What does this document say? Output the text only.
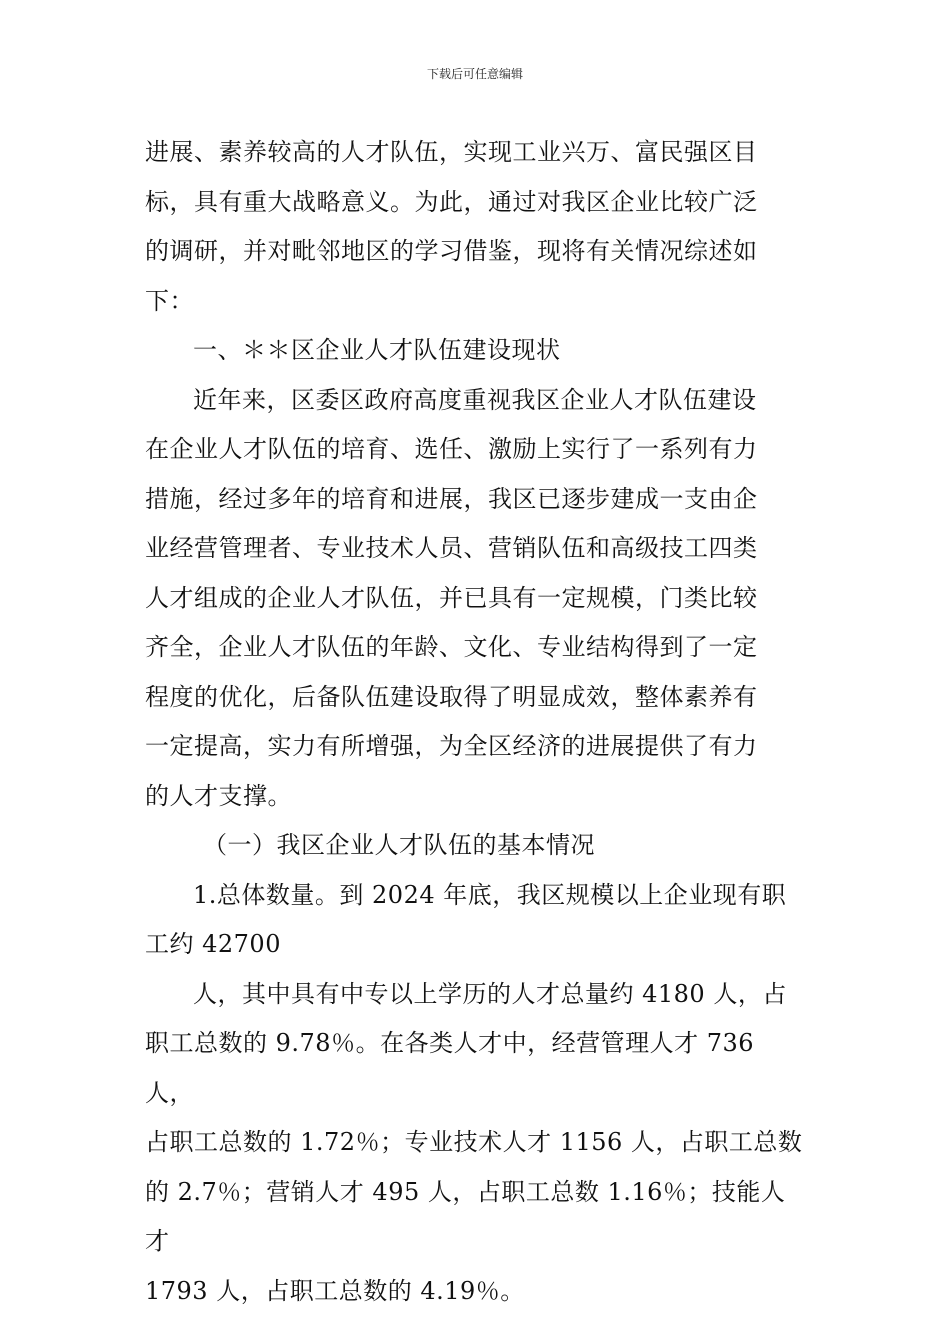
下载后可任意编辑

进展、素养较高的人才队伍，实现工业兴万、富民强区目
标，具有重大战略意义。为此，通过对我区企业比较广泛
的调研，并对毗邻地区的学习借鉴，现将有关情况综述如
下：

一、＊＊区企业人才队伍建设现状

近年来，区委区政府高度重视我区企业人才队伍建设
在企业人才队伍的培育、选任、激励上实行了一系列有力
措施，经过多年的培育和进展，我区已逐步建成一支由企
业经营管理者、专业技术人员、营销队伍和高级技工四类
人才组成的企业人才队伍，并已具有一定规模，门类比较
齐全，企业人才队伍的年龄、文化、专业结构得到了一定
程度的优化，后备队伍建设取得了明显成效，整体素养有
一定提高，实力有所增强，为全区经济的进展提供了有力
的人才支撑。

（一）我区企业人才队伍的基本情况

1.总体数量。到 2024 年底，我区规模以上企业现有职
工约 42700

人，其中具有中专以上学历的人才总量约 4180 人，占
职工总数的 9.78％。在各类人才中，经营管理人才 736 人，
占职工总数的 1.72％；专业技术人才 1156 人，占职工总数
的 2.7％；营销人才 495 人，占职工总数 1.16％；技能人才
1793 人，占职工总数的 4.19％。
